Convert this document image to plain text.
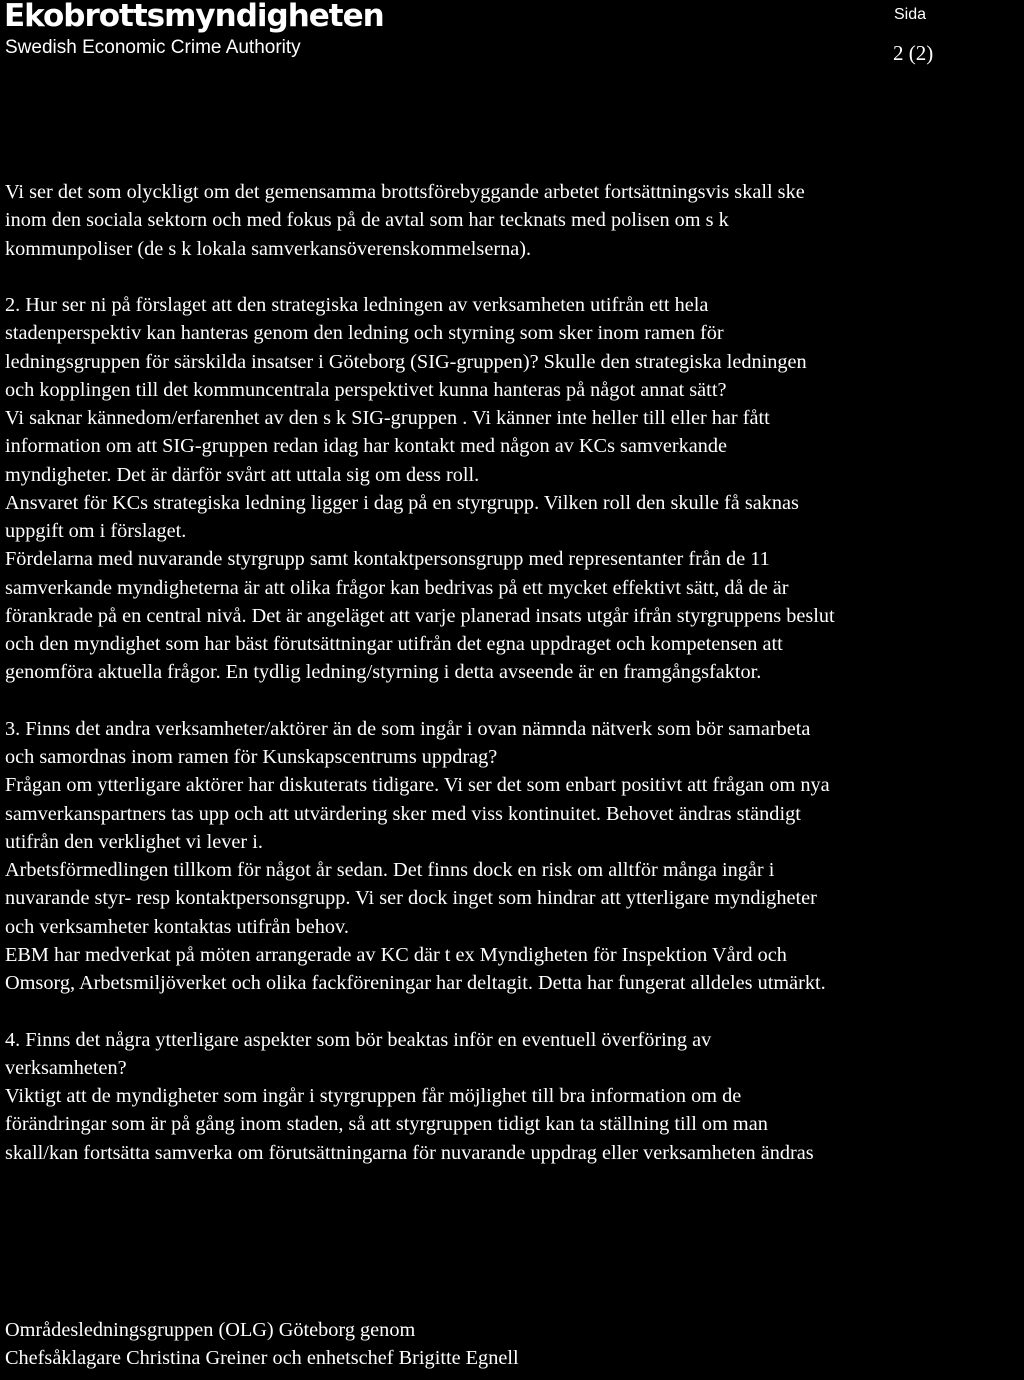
Ekobrottsmyndigheten
Swedish Economic Crime Authority
Sida
2 (2)
Vi ser det som olyckligt om det gemensamma brottsförebyggande arbetet fortsättningsvis skall ske
inom den sociala sektorn och med fokus på de avtal som har tecknats med polisen om s k
kommunpoliser (de s k lokala samverkansöverenskommelserna).
2. Hur ser ni på förslaget att den strategiska ledningen av verksamheten utifrån ett hela
stadenperspektiv kan hanteras genom den ledning och styrning som sker inom ramen för
ledningsgruppen för särskilda insatser i Göteborg (SIG-gruppen)? Skulle den strategiska ledningen
och kopplingen till det kommuncentrala perspektivet kunna hanteras på något annat sätt?
Vi saknar kännedom/erfarenhet av den s k SIG-gruppen . Vi känner inte heller till eller har fått
information om att SIG-gruppen redan idag har kontakt med någon av KCs samverkande
myndigheter. Det är därför svårt att uttala sig om dess roll.
Ansvaret för KCs strategiska ledning ligger i dag på en styrgrupp. Vilken roll den skulle få saknas
uppgift om i förslaget.
Fördelarna med nuvarande styrgrupp samt kontaktpersonsgrupp med representanter från de 11
samverkande myndigheterna är att olika frågor kan bedrivas på ett mycket effektivt sätt, då de är
förankrade på en central nivå. Det är angeläget att varje planerad insats utgår ifrån styrgruppens beslut
och den myndighet som har bäst förutsättningar utifrån det egna uppdraget och kompetensen att
genomföra aktuella frågor. En tydlig ledning/styrning i detta avseende är en framgångsfaktor.
3. Finns det andra verksamheter/aktörer än de som ingår i ovan nämnda nätverk som bör samarbeta
och samordnas inom ramen för Kunskapscentrums uppdrag?
Frågan om ytterligare aktörer har diskuterats tidigare. Vi ser det som enbart positivt att frågan om nya
samverkanspartners tas upp och att utvärdering sker med viss kontinuitet. Behovet ändras ständigt
utifrån den verklighet vi lever i.
Arbetsförmedlingen tillkom för något år sedan. Det finns dock en risk om alltför många ingår i
nuvarande styr- resp kontaktpersonsgrupp. Vi ser dock inget som hindrar att ytterligare myndigheter
och verksamheter kontaktas utifrån behov.
EBM har medverkat på möten arrangerade av KC där t ex Myndigheten för Inspektion Vård och
Omsorg, Arbetsmiljöverket och olika fackföreningar har deltagit. Detta har fungerat alldeles utmärkt.
4. Finns det några ytterligare aspekter som bör beaktas inför en eventuell överföring av
verksamheten?
Viktigt att de myndigheter som ingår i styrgruppen får möjlighet till bra information om de
förändringar som är på gång inom staden, så att styrgruppen tidigt kan ta ställning till om man
skall/kan fortsätta samverka om förutsättningarna för nuvarande uppdrag eller verksamheten ändras
Områdesledningsgruppen (OLG) Göteborg genom
Chefsåklagare Christina Greiner och enhetschef Brigitte Egnell
